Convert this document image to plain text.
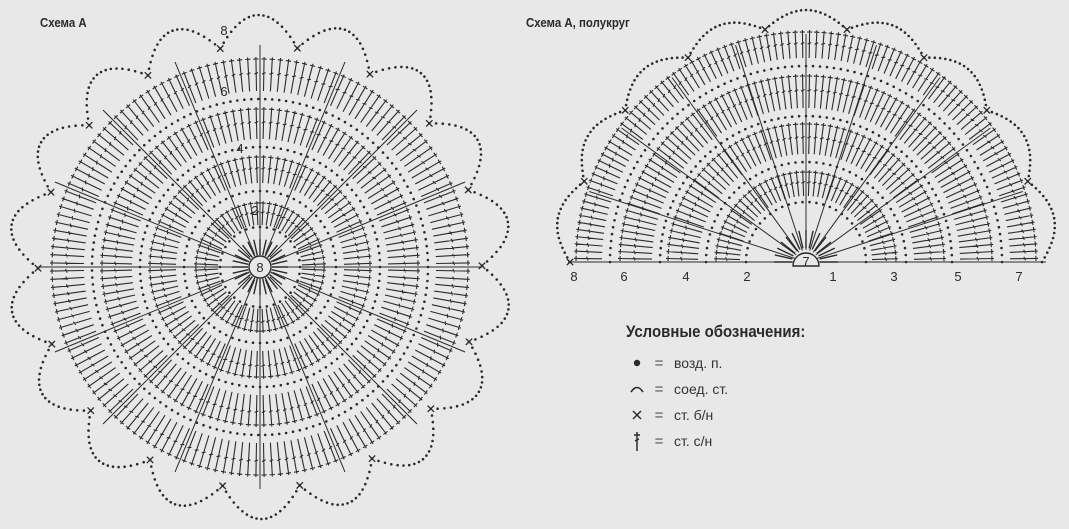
8
2
4
6
8
7
8	6	4	2	1	3	5	7
Схема А	Схема А, полукруг
Условные обозначения:
= возд. п.
= соед. ст.
= ст. б/н
= ст. с/н
